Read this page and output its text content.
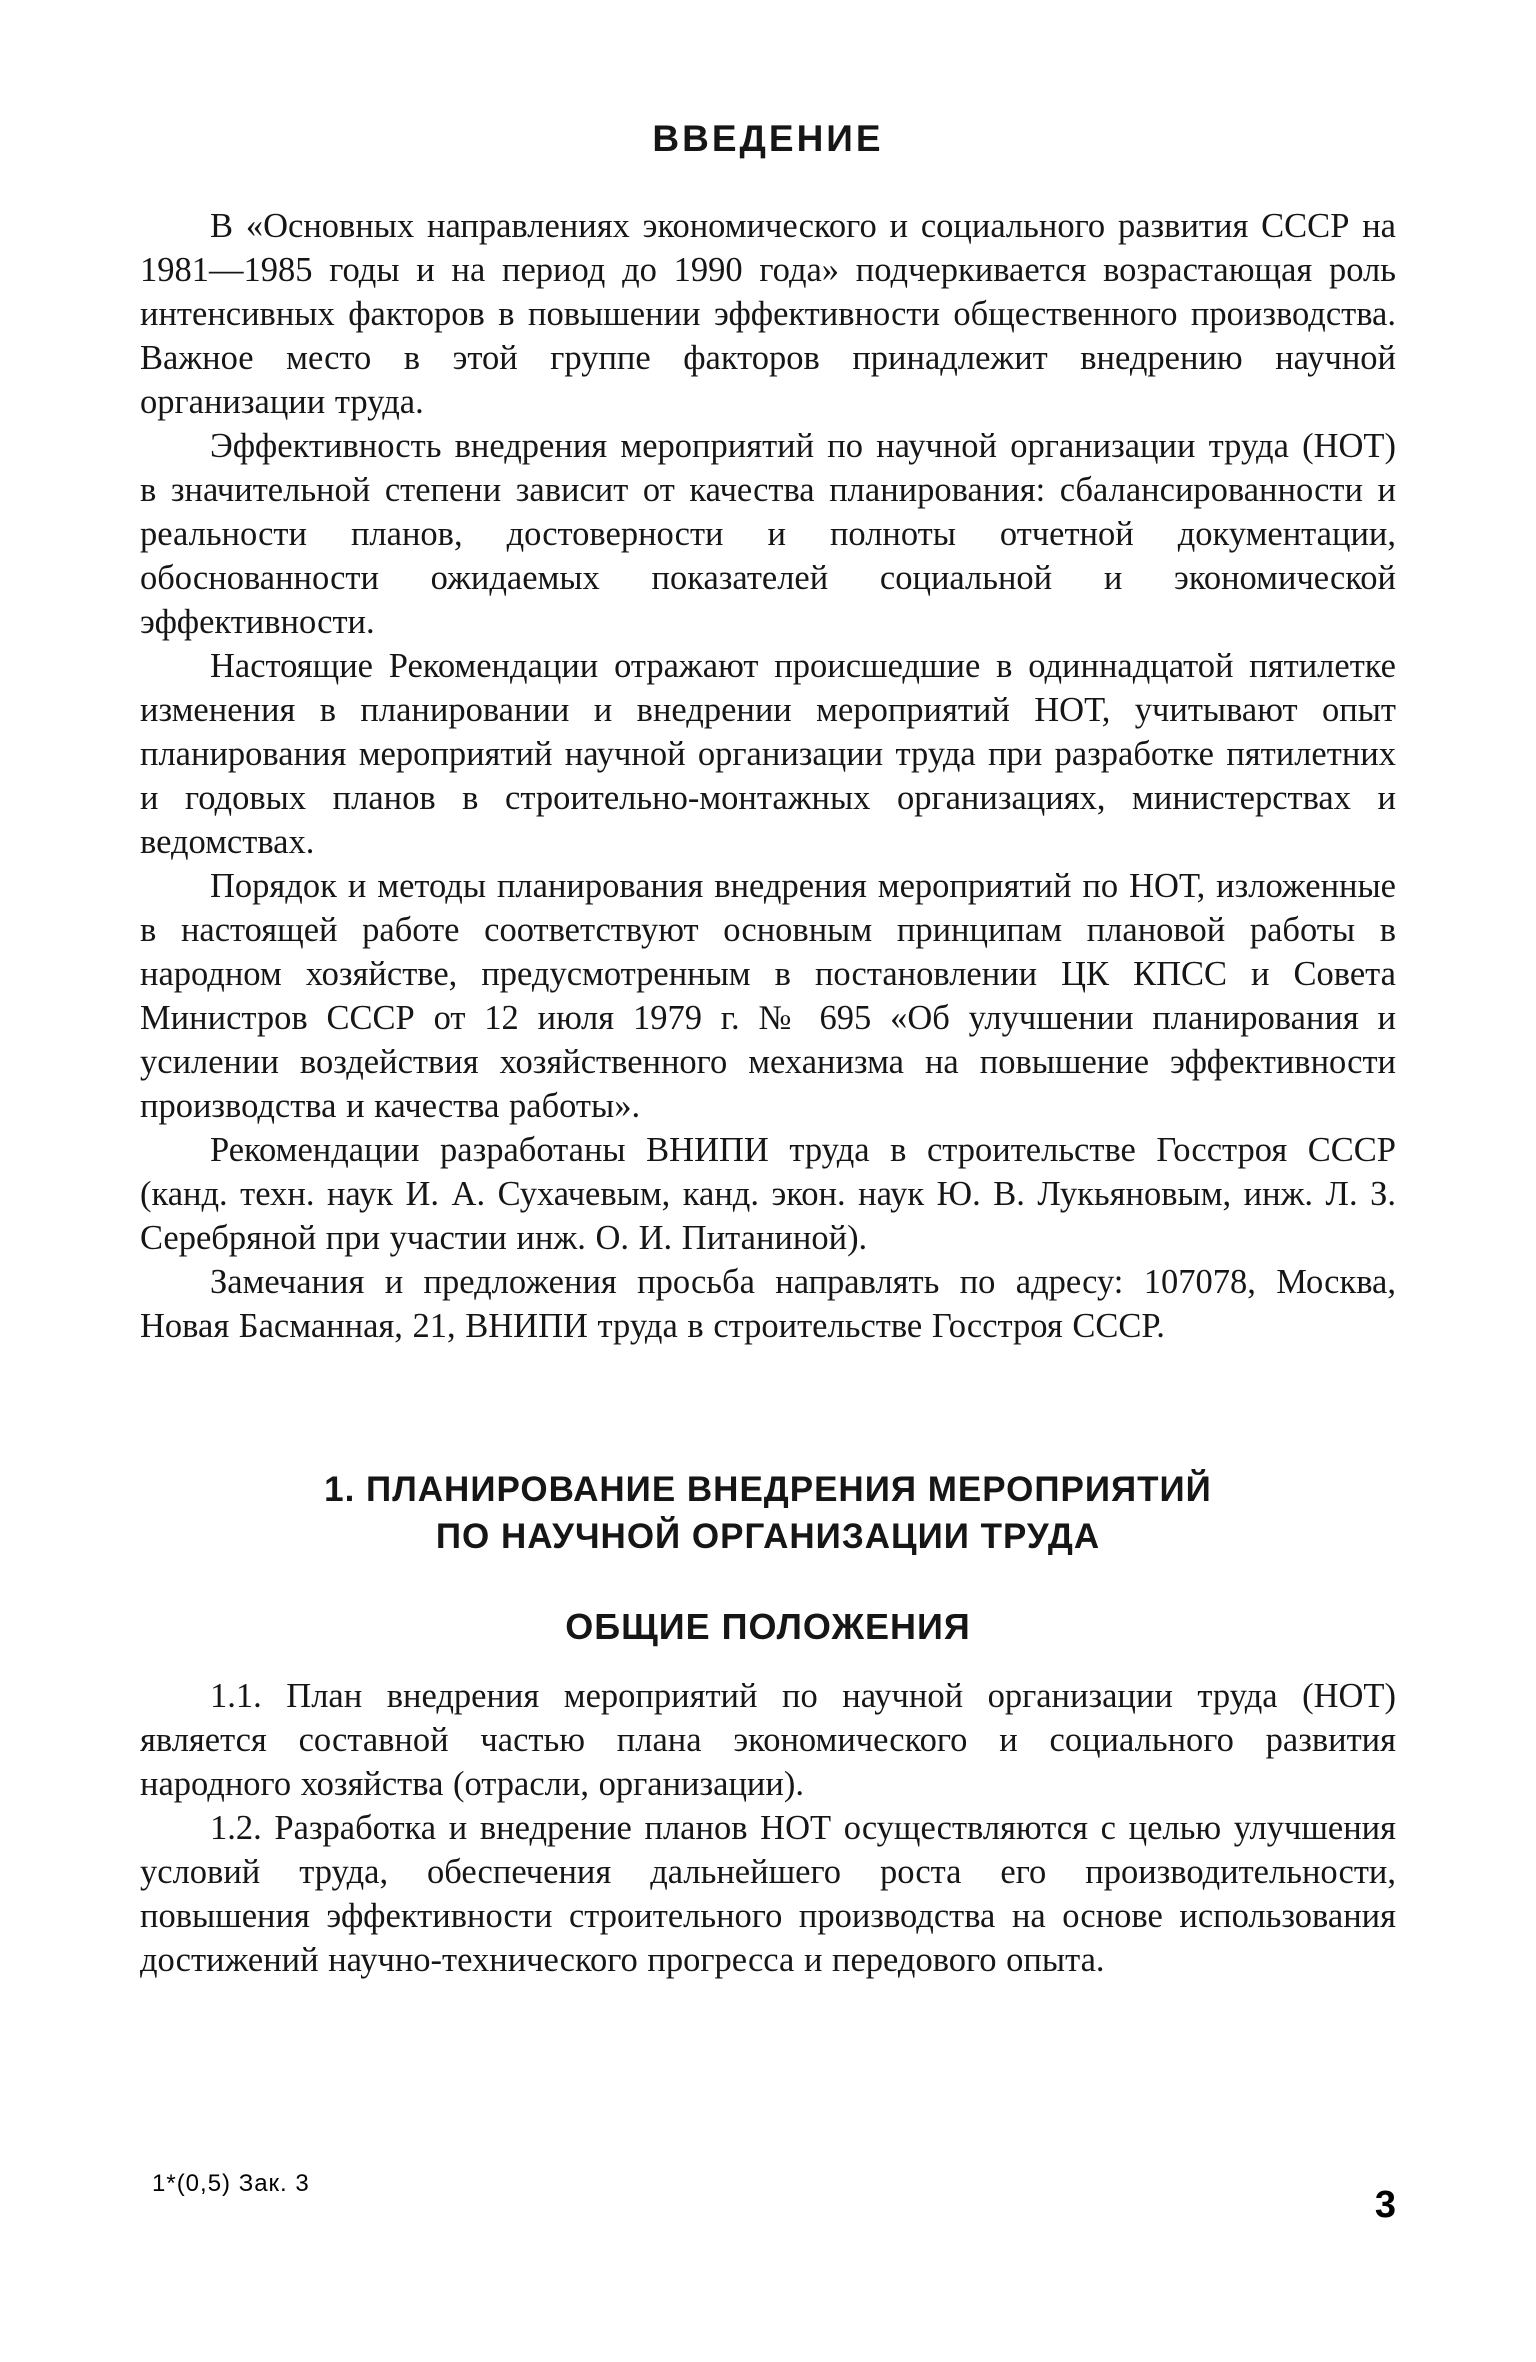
ВВЕДЕНИЕ

В «Основных направлениях экономического и социального развития СССР на 1981—1985 годы и на период до 1990 года» подчеркивается возрастающая роль интенсивных факторов в повышении эффективности общественного производства. Важное место в этой группе факторов принадлежит внедрению научной организации труда.

Эффективность внедрения мероприятий по научной организации труда (НОТ) в значительной степени зависит от качества планирования: сбалансированности и реальности планов, достоверности и полноты отчетной документации, обоснованности ожидаемых показателей социальной и экономической эффективности.

Настоящие Рекомендации отражают происшедшие в одиннадцатой пятилетке изменения в планировании и внедрении мероприятий НОТ, учитывают опыт планирования мероприятий научной организации труда при разработке пятилетних и годовых планов в строительно-монтажных организациях, министерствах и ведомствах.

Порядок и методы планирования внедрения мероприятий по НОТ, изложенные в настоящей работе соответствуют основным принципам плановой работы в народном хозяйстве, предусмотренным в постановлении ЦК КПСС и Совета Министров СССР от 12 июля 1979 г. № 695 «Об улучшении планирования и усилении воздействия хозяйственного механизма на повышение эффективности производства и качества работы».

Рекомендации разработаны ВНИПИ труда в строительстве Госстроя СССР (канд. техн. наук И. А. Сухачевым, канд. экон. наук Ю. В. Лукьяновым, инж. Л. З. Серебряной при участии инж. О. И. Питаниной).

Замечания и предложения просьба направлять по адресу: 107078, Москва, Новая Басманная, 21, ВНИПИ труда в строительстве Госстроя СССР.

1. ПЛАНИРОВАНИЕ ВНЕДРЕНИЯ МЕРОПРИЯТИЙ
ПО НАУЧНОЙ ОРГАНИЗАЦИИ ТРУДА
ОБЩИЕ ПОЛОЖЕНИЯ

1.1. План внедрения мероприятий по научной организации труда (НОТ) является составной частью плана экономического и социального развития народного хозяйства (отрасли, организации).

1.2. Разработка и внедрение планов НОТ осуществляются с целью улучшения условий труда, обеспечения дальнейшего роста его производительности, повышения эффективности строительного производства на основе использования достижений научно-технического прогресса и передового опыта.

1*(0,5) Зак. 3
3
